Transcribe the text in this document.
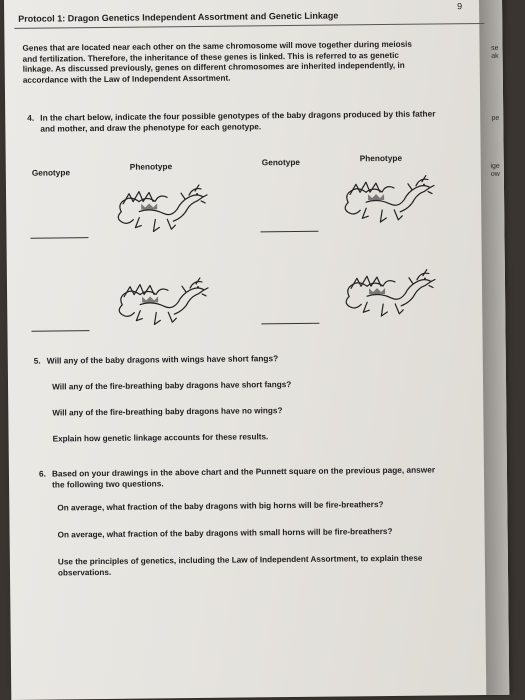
se
ak
pe
ige
ow
Protocol 1: Dragon Genetics Independent Assortment and Genetic Linkage
9
Genes that are located near each other on the same chromosome will move together during meiosis
and fertilization. Therefore, the inheritance of these genes is linked. This is referred to as genetic
linkage. As discussed previously, genes on different chromosomes are inherited independently, in
accordance with the Law of Independent Assortment.
4. In the chart below, indicate the four possible genotypes of the baby dragons produced by this father
and mother, and draw the phenotype for each genotype.
Genotype
Phenotype	Genotype	Phenotype
5. Will any of the baby dragons with wings have short fangs?
Will any of the fire-breathing baby dragons have short fangs?
Will any of the fire-breathing baby dragons have no wings?
Explain how genetic linkage accounts for these results.
6. Based on your drawings in the above chart and the Punnett square on the previous page, answer
the following two questions.
On average, what fraction of the baby dragons with big horns will be fire-breathers?
On average, what fraction of the baby dragons with small horns will be fire-breathers?
Use the principles of genetics, including the Law of Independent Assortment, to explain these
observations.
